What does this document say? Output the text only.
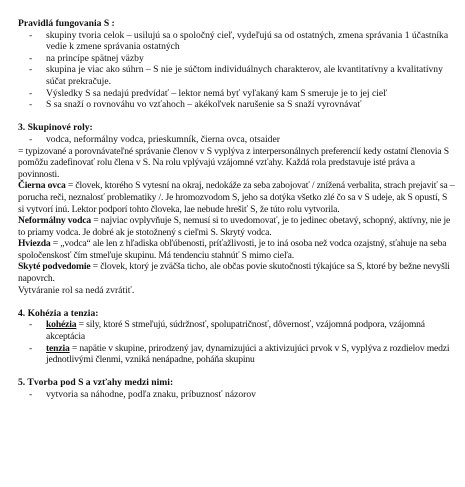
Pravidlá fungovania S :
- skupiny tvoria celok – usilujú sa o spoločný cieľ, vydeľujú sa od ostatných, zmena správania 1 účastníka vedie k zmene správania ostatných
- na princípe spätnej väzby
- skupina je viac ako súhrn – S nie je súčtom individuálnych charakterov, ale kvantitatívny a kvalitatívny súčat prekračuje.
- Výsledky S sa nedajú predvídať – lektor nemá byť vyľakaný kam S smeruje je to jej cieľ
- S sa snaží o rovnováhu vo vzťahoch – akékoľvek narušenie sa S snaží vyrovnávať
3. Skupinové roly:
- vodca, neformálny vodca, prieskumník, čierna ovca, otsaider

= typizované a porovnávateľné správanie členov v S vyplýva z interpersonálnych preferencií kedy ostatní členovia S pomôžu zadefinovať rolu člena v S. Na rolu vplývajú vzájomné vzťahy. Každá rola predstavuje isté práva a povinnosti.

Čierna ovca = človek, ktorého S vytesní na okraj, nedokáže za seba zabojovať / znížená verbalita, strach prejaviť sa – porucha reči, neznalosť problematiky /. Je hromozvodom S, jeho sa dotýka všetko zlé čo sa v S udeje, ak S opustí, S si vytvorí inú. Lektor podporí tohto človeka, lae nebude hrešiť S, že túto rolu vytvorila.

Neformálny vodca = najviac ovplyvňuje S, nemusí si to uvedomovať, je to jedinec obetavý, schopný, aktívny, nie je to priamy vodca. Je dobré ak je stotožnený s cieľmi S. Skrytý vodca.

Hviezda = „vodca“ ale len z hľadiska obľúbenosti, príťažlivosti, je to iná osoba než vodca ozajstný, sťahuje na seba spoločenskosť čím stmeľuje skupinu. Má tendenciu stahnúť S mimo cieľa.

Skyté podvedomie = človek, ktorý je zväčša ticho, ale občas povie skutočnosti týkajúce sa S, ktoré by bežne nevyšli napovrch.

Vytváranie rol sa nedá zvrátiť.

4. Kohézia a tenzia:
- kohézia = sily, ktoré S stmeľujú, súdržnosť, spolupatričnosť, dôvernosť, vzájomná podpora, vzájomná akceptácia
- tenzia = napätie v skupine, prirodzený jav, dynamizujúci a aktivizujúci prvok v S, vyplýva z rozdielov medzi jednotlivými členmi, vzniká nenápadne, poháňa skupinu
5. Tvorba pod S a vzťahy medzi nimi:
- vytvoria sa náhodne, podľa znaku, príbuznosť názorov
